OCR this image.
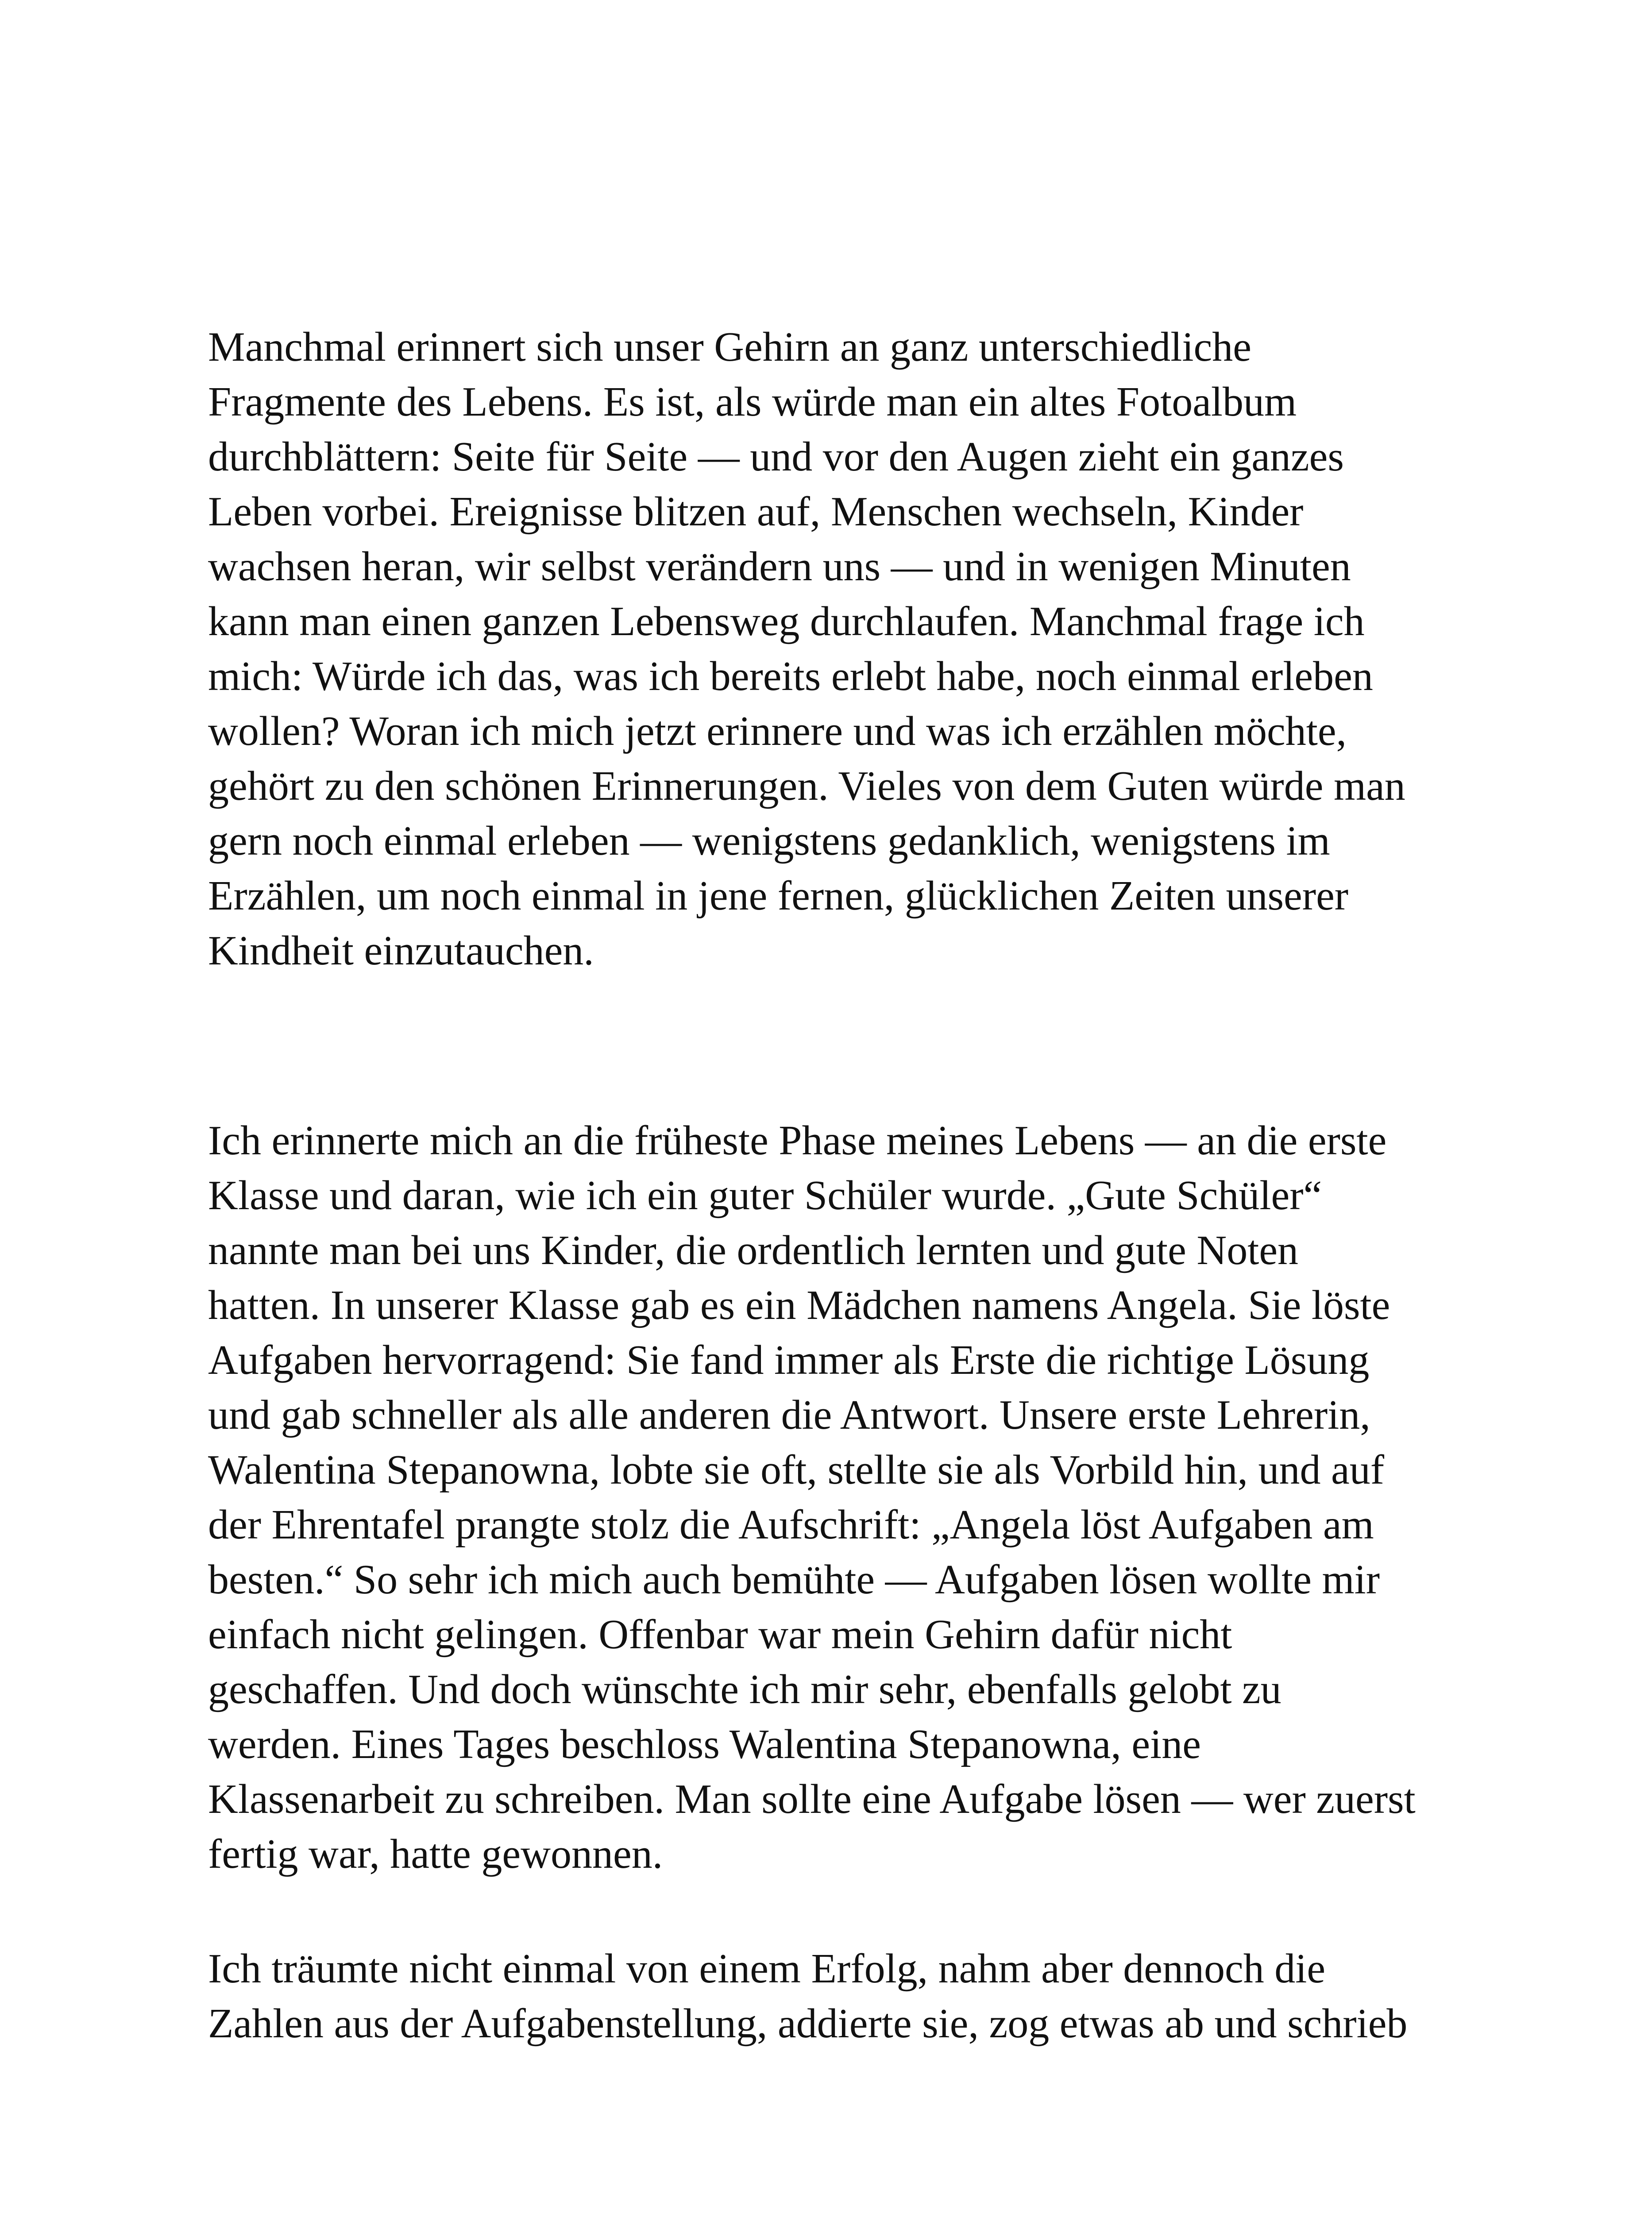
Manchmal erinnert sich unser Gehirn an ganz unterschiedliche
Fragmente des Lebens. Es ist, als würde man ein altes Fotoalbum
durchblättern: Seite für Seite — und vor den Augen zieht ein ganzes
Leben vorbei. Ereignisse blitzen auf, Menschen wechseln, Kinder
wachsen heran, wir selbst verändern uns — und in wenigen Minuten
kann man einen ganzen Lebensweg durchlaufen. Manchmal frage ich
mich: Würde ich das, was ich bereits erlebt habe, noch einmal erleben
wollen? Woran ich mich jetzt erinnere und was ich erzählen möchte,
gehört zu den schönen Erinnerungen. Vieles von dem Guten würde man
gern noch einmal erleben — wenigstens gedanklich, wenigstens im
Erzählen, um noch einmal in jene fernen, glücklichen Zeiten unserer
Kindheit einzutauchen.
Ich erinnerte mich an die früheste Phase meines Lebens — an die erste
Klasse und daran, wie ich ein guter Schüler wurde. „Gute Schüler“
nannte man bei uns Kinder, die ordentlich lernten und gute Noten
hatten. In unserer Klasse gab es ein Mädchen namens Angela. Sie löste
Aufgaben hervorragend: Sie fand immer als Erste die richtige Lösung
und gab schneller als alle anderen die Antwort. Unsere erste Lehrerin,
Walentina Stepanowna, lobte sie oft, stellte sie als Vorbild hin, und auf
der Ehrentafel prangte stolz die Aufschrift: „Angela löst Aufgaben am
besten.“ So sehr ich mich auch bemühte — Aufgaben lösen wollte mir
einfach nicht gelingen. Offenbar war mein Gehirn dafür nicht
geschaffen. Und doch wünschte ich mir sehr, ebenfalls gelobt zu
werden. Eines Tages beschloss Walentina Stepanowna, eine
Klassenarbeit zu schreiben. Man sollte eine Aufgabe lösen — wer zuerst
fertig war, hatte gewonnen.
Ich träumte nicht einmal von einem Erfolg, nahm aber dennoch die
Zahlen aus der Aufgabenstellung, addierte sie, zog etwas ab und schrieb
